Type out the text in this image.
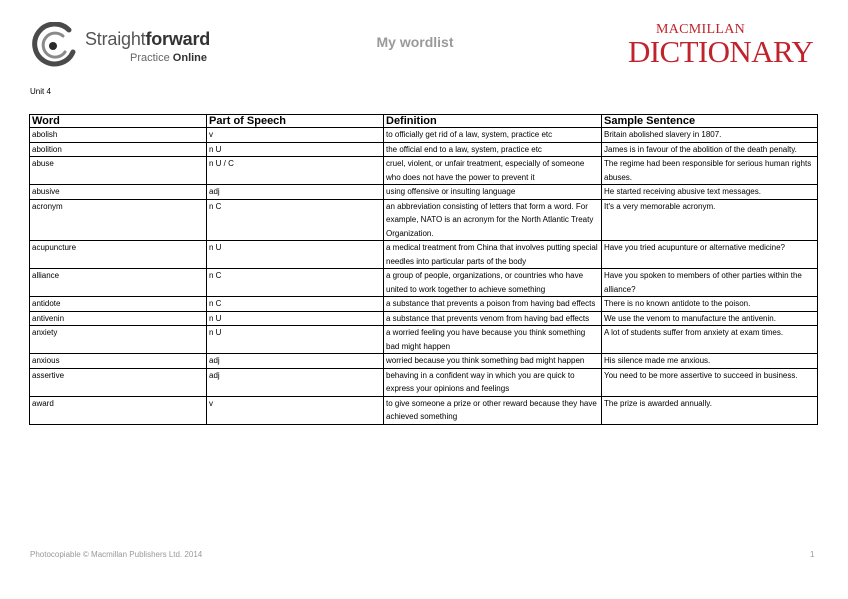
Straightforward
Practice Online
My wordlist
MACMILLAN
DICTIONARY
Unit 4
Word	Part of Speech	Definition	Sample Sentence
abolish	v	to officially get rid of a law, system, practice etc	Britain abolished slavery in 1807.
abolition	n U	the official end to a law, system, practice etc	James is in favour of the abolition of the death penalty.
abuse	n U / C	cruel, violent, or unfair treatment, especially of someone who does not have the power to prevent it	The regime had been responsible for serious human rights abuses.
abusive	adj	using offensive or insulting language	He started receiving abusive text messages.
acronym	n C	an abbreviation consisting of letters that form a word. For example, NATO is an acronym for the North Atlantic Treaty Organization.	It's a very memorable acronym.
acupuncture	n U	a medical treatment from China that involves putting special needles into particular parts of the body	Have you tried acupunture or alternative medicine?
alliance	n C	a group of people, organizations, or countries who have united to work together to achieve something	Have you spoken to members of other parties within the alliance?
antidote	n C	a substance that prevents a poison from having bad effects	There is no known antidote to the poison.
antivenin	n U	a substance that prevents venom from having bad effects	We use the venom to manufacture the antivenin.
anxiety	n U	a worried feeling you have because you think something bad might happen	A lot of students suffer from anxiety at exam times.
anxious	adj	worried because you think something bad might happen	His silence made me anxious.
assertive	adj	behaving in a confident way in which you are quick to express your opinions and feelings	You need to be more assertive to succeed in business.
award	v	to give someone a prize or other reward because they have achieved something	The prize is awarded annually.
Photocopiable © Macmillan Publishers Ltd. 2014	1
